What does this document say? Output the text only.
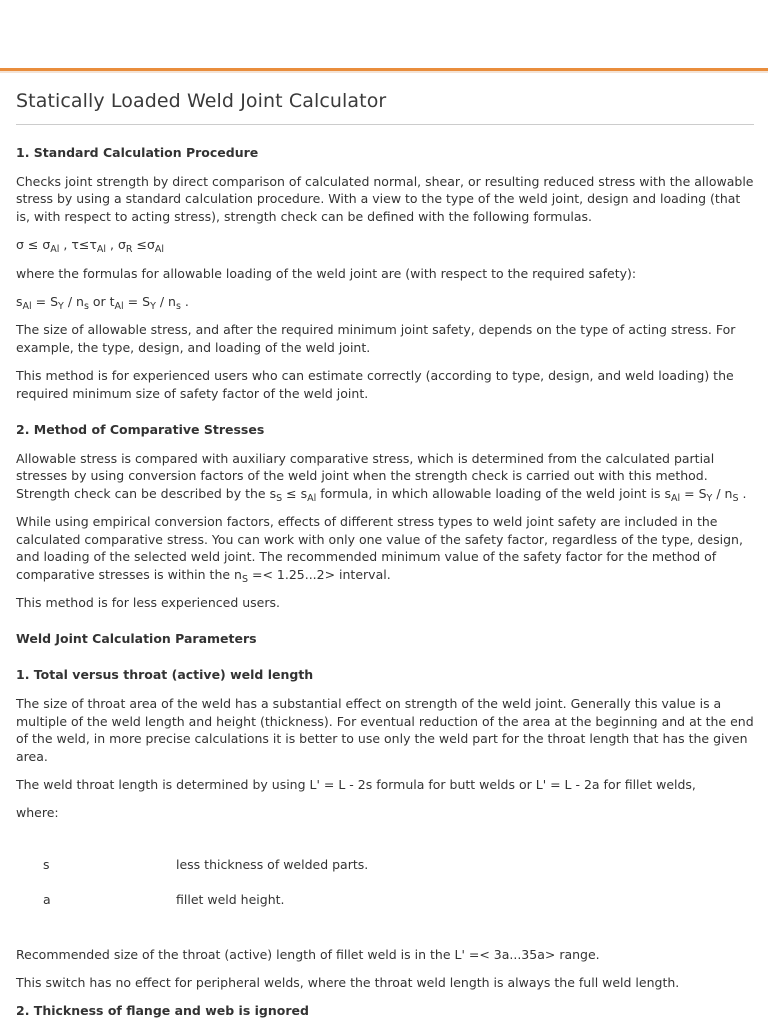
Statically Loaded Weld Joint Calculator
1. Standard Calculation Procedure

Checks joint strength by direct comparison of calculated normal, shear, or resulting reduced stress with the allowable stress by using a standard calculation procedure. With a view to the type of the weld joint, design and loading (that is, with respect to acting stress), strength check can be defined with the following formulas.

$\sigma \le \sigma_{Al}$ , $\tau\le\tau_{Al}$ , $\sigma_R \le\sigma_{Al}$

where the formulas for allowable loading of the weld joint are (with respect to the required safety):

$s_{Al} = S_Y / n_s$ or $t_{Al} = S_Y / n_s$ .

The size of allowable stress, and after the required minimum joint safety, depends on the type of acting stress. For example, the type, design, and loading of the weld joint.

This method is for experienced users who can estimate correctly (according to type, design, and weld loading) the required minimum size of safety factor of the weld joint.

2. Method of Comparative Stresses

Allowable stress is compared with auxiliary comparative stress, which is determined from the calculated partial stresses by using conversion factors of the weld joint when the strength check is carried out with this method. Strength check can be described by the $s_S \le s_{Al}$ formula, in which allowable loading of the weld joint is $s_{Al} = S_Y / n_S$ .

While using empirical conversion factors, effects of different stress types to weld joint safety are included in the calculated comparative stress. You can work with only one value of the safety factor, regardless of the type, design, and loading of the selected weld joint. The recommended minimum value of the safety factor for the method of comparative stresses is within the $n_S =< 1.25...2>$ interval.

This method is for less experienced users.

Weld Joint Calculation Parameters
1. Total versus throat (active) weld length

The size of throat area of the weld has a substantial effect on strength of the weld joint. Generally this value is a multiple of the weld length and height (thickness). For eventual reduction of the area at the beginning and at the end of the weld, in more precise calculations it is better to use only the weld part for the throat length that has the given area.

The weld throat length is determined by using L' = L - 2s formula for butt welds or L' = L - 2a for fillet welds,

where:

s	less thickness of welded parts.
a	fillet weld height.

Recommended size of the throat (active) length of fillet weld is in the L' =< 3a...35a> range.

This switch has no effect for peripheral welds, where the throat weld length is always the full weld length.

2. Thickness of flange and web is ignored
